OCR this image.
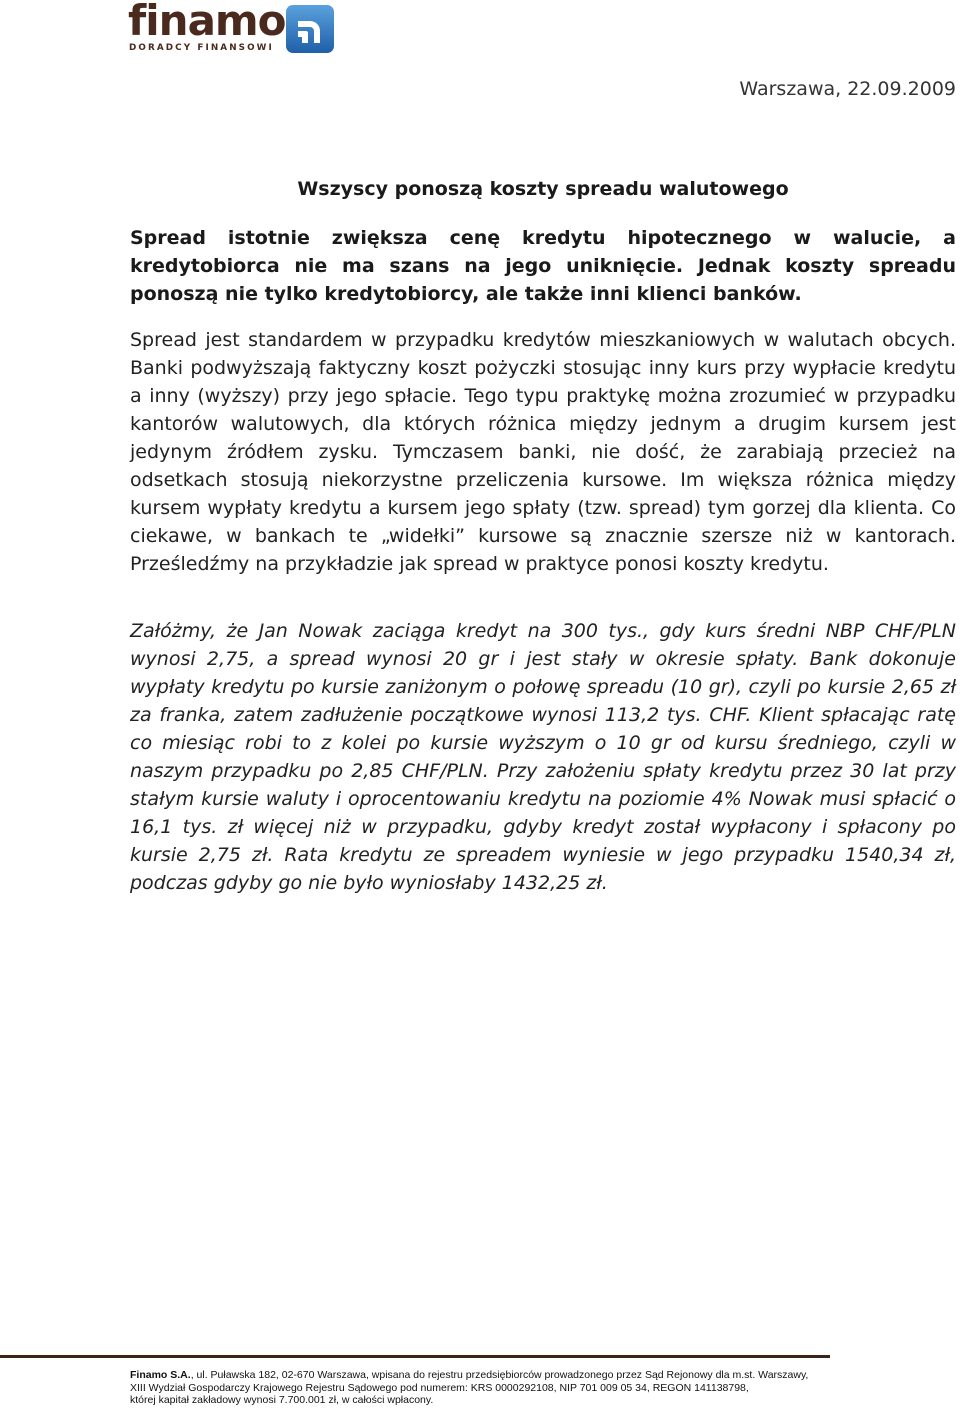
finamo
DORADCY FINANSOWI
Warszawa, 22.09.2009
Wszyscy ponoszą koszty spreadu walutowego
Spread istotnie zwiększa cenę kredytu hipotecznego w walucie, a kredytobiorca nie ma szans na jego uniknięcie. Jednak koszty spreadu ponoszą nie tylko kredytobiorcy, ale także inni klienci banków.
Spread jest standardem w przypadku kredytów mieszkaniowych w walutach obcych. Banki podwyższają faktyczny koszt pożyczki stosując inny kurs przy wypłacie kredytu a inny (wyższy) przy jego spłacie. Tego typu praktykę można zrozumieć w przypadku kantorów walutowych, dla których różnica między jednym a drugim kursem jest jedynym źródłem zysku. Tymczasem banki, nie dość, że zarabiają przecież na odsetkach stosują niekorzystne przeliczenia kursowe. Im większa różnica między kursem wypłaty kredytu a kursem jego spłaty (tzw. spread) tym gorzej dla klienta. Co ciekawe, w bankach te „widełki” kursowe są znacznie szersze niż w kantorach. Prześledźmy na przykładzie jak spread w praktyce ponosi koszty kredytu.
Załóżmy, że Jan Nowak zaciąga kredyt na 300 tys., gdy kurs średni NBP CHF/PLN wynosi 2,75, a spread wynosi 20 gr i jest stały w okresie spłaty. Bank dokonuje wypłaty kredytu po kursie zaniżonym o połowę spreadu (10 gr), czyli po kursie 2,65 zł za franka, zatem zadłużenie początkowe wynosi 113,2 tys. CHF. Klient spłacając ratę co miesiąc robi to z kolei po kursie wyższym o 10 gr od kursu średniego, czyli w naszym przypadku po 2,85 CHF/PLN. Przy założeniu spłaty kredytu przez 30 lat przy stałym kursie waluty i oprocentowaniu kredytu na poziomie 4% Nowak musi spłacić o 16,1 tys. zł więcej niż w przypadku, gdyby kredyt został wypłacony i spłacony po kursie 2,75 zł. Rata kredytu ze spreadem wyniesie w jego przypadku 1540,34 zł, podczas gdyby go nie było wyniosłaby 1432,25 zł.
Finamo S.A., ul. Puławska 182, 02-670 Warszawa, wpisana do rejestru przedsiębiorców prowadzonego przez Sąd Rejonowy dla m.st. Warszawy,
XIII Wydział Gospodarczy Krajowego Rejestru Sądowego pod numerem: KRS 0000292108, NIP 701 009 05 34, REGON 141138798,
której kapitał zakładowy wynosi 7.700.001 zł, w całości wpłacony.
